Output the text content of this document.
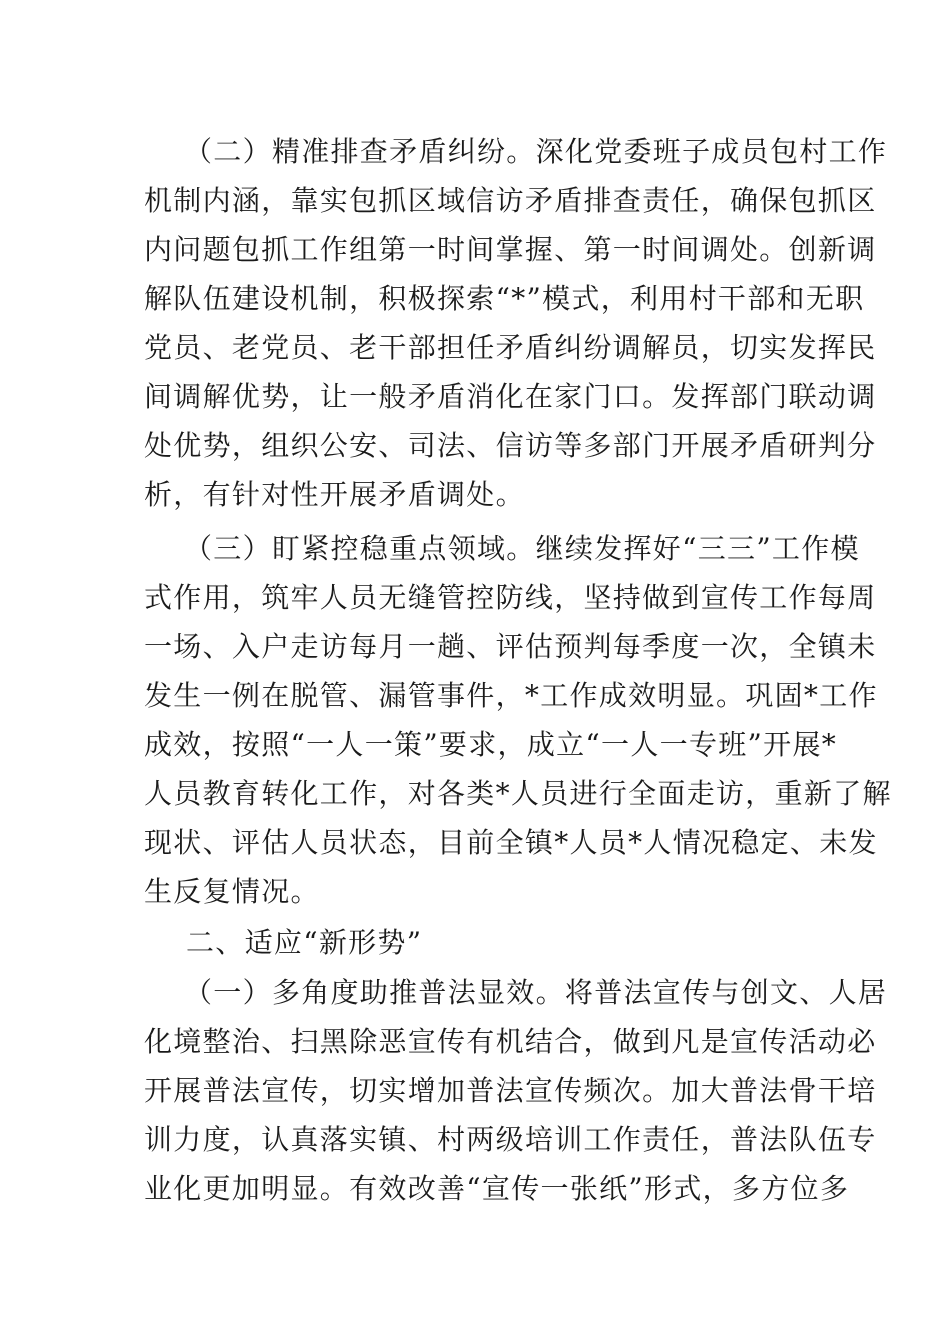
（二）精准排查矛盾纠纷。深化党委班子成员包村工作
机制内涵，靠实包抓区域信访矛盾排查责任，确保包抓区
内问题包抓工作组第一时间掌握、第一时间调处。创新调
解队伍建设机制，积极探索“*”模式，利用村干部和无职
党员、老党员、老干部担任矛盾纠纷调解员，切实发挥民
间调解优势，让一般矛盾消化在家门口。发挥部门联动调
处优势，组织公安、司法、信访等多部门开展矛盾研判分
析，有针对性开展矛盾调处。
（三）盯紧控稳重点领域。继续发挥好“三三”工作模
式作用，筑牢人员无缝管控防线，坚持做到宣传工作每周
一场、入户走访每月一趟、评估预判每季度一次，全镇未
发生一例在脱管、漏管事件，*工作成效明显。巩固*工作
成效，按照“一人一策”要求，成立“一人一专班”开展*
人员教育转化工作，对各类*人员进行全面走访，重新了解
现状、评估人员状态，目前全镇*人员*人情况稳定、未发
生反复情况。
二、适应“新形势”
（一）多角度助推普法显效。将普法宣传与创文、人居
化境整治、扫黑除恶宣传有机结合，做到凡是宣传活动必
开展普法宣传，切实增加普法宣传频次。加大普法骨干培
训力度，认真落实镇、村两级培训工作责任，普法队伍专
业化更加明显。有效改善“宣传一张纸”形式，多方位多
